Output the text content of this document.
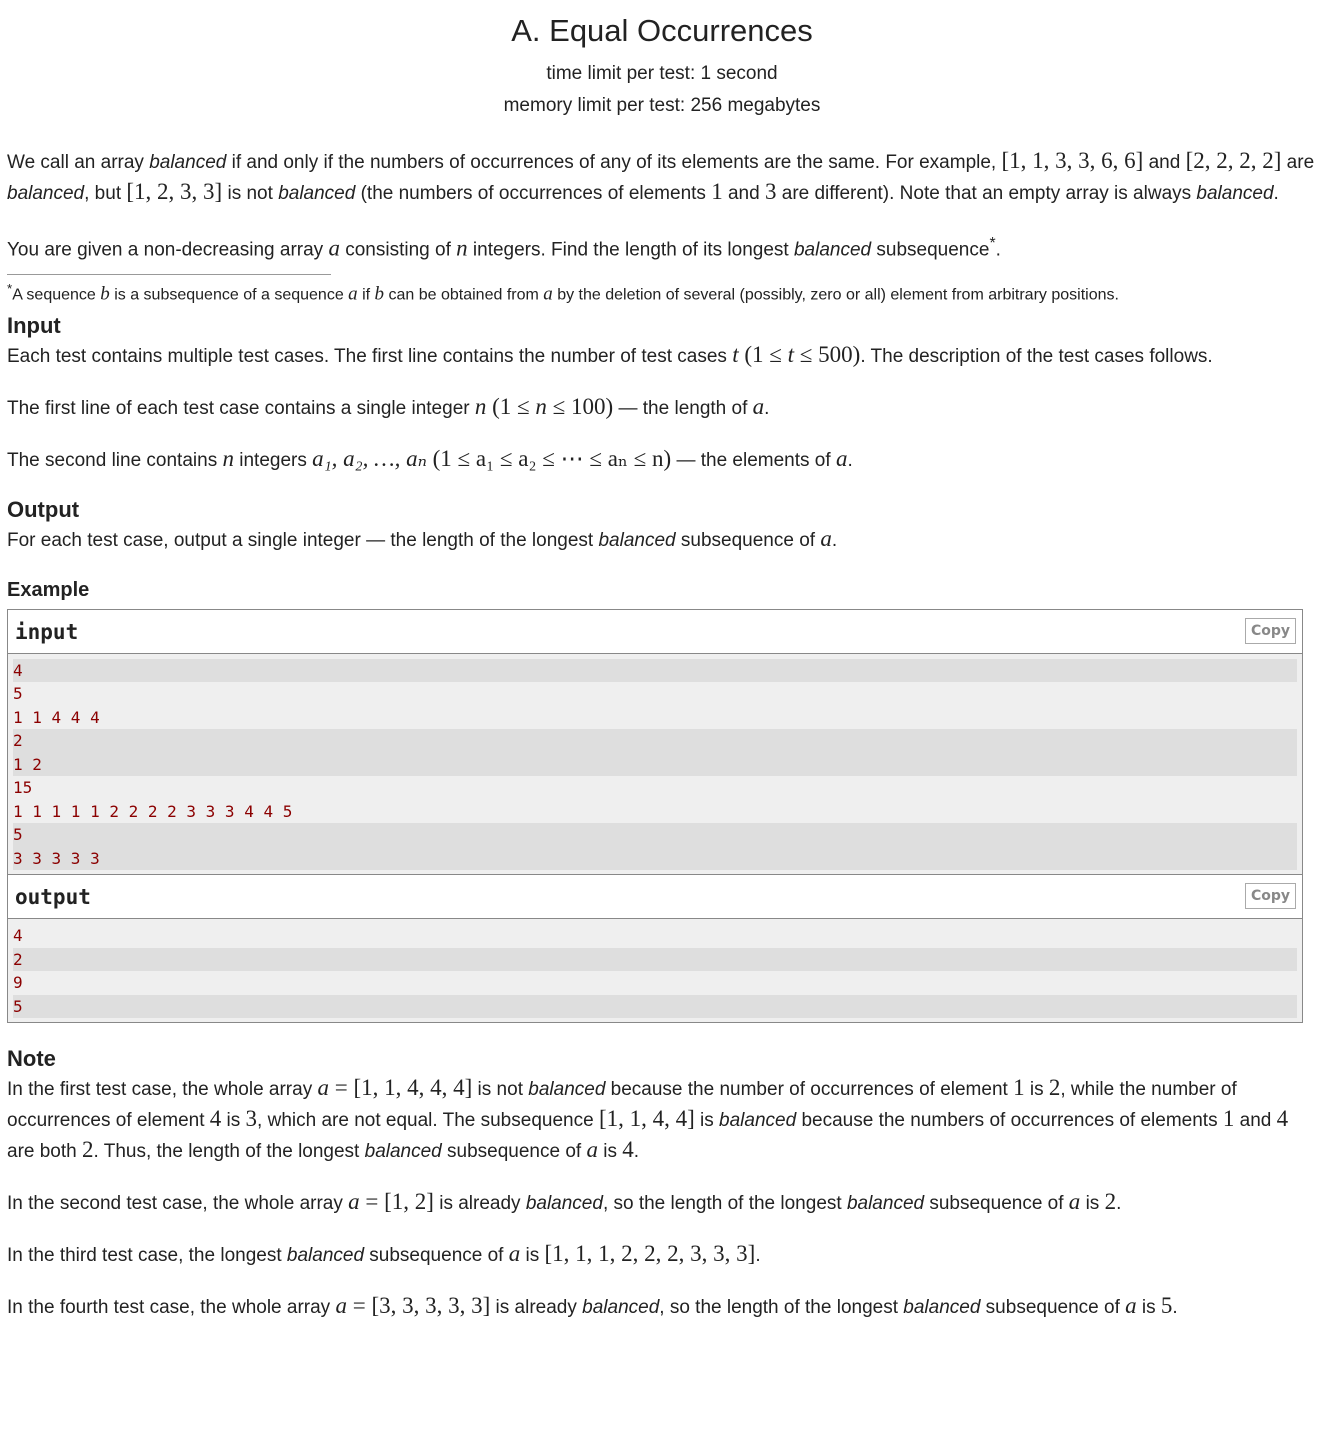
A. Equal Occurrences
time limit per test: 1 second
memory limit per test: 256 megabytes

We call an array balanced if and only if the numbers of occurrences of any of its elements are the same. For example, [1, 1, 3, 3, 6, 6] and [2, 2, 2, 2] are balanced, but [1, 2, 3, 3] is not balanced (the numbers of occurrences of elements 1 and 3 are different). Note that an empty array is always balanced.

You are given a non-decreasing array a consisting of n integers. Find the length of its longest balanced subsequence*.

*A sequence b is a subsequence of a sequence a if b can be obtained from a by the deletion of several (possibly, zero or all) element from arbitrary positions.
Input

Each test contains multiple test cases. The first line contains the number of test cases t (1 ≤ t ≤ 500). The description of the test cases follows.

The first line of each test case contains a single integer n (1 ≤ n ≤ 100) — the length of a.

The second line contains n integers a₁, a₂, …, aₙ (1 ≤ a₁ ≤ a₂ ≤ ⋯ ≤ aₙ ≤ n) — the elements of a.

Output

For each test case, output a single integer — the length of the longest balanced subsequence of a.

Example
input	Copy
4
5
1 1 4 4 4
2
1 2
15
1 1 1 1 1 2 2 2 2 3 3 3 4 4 5
5
3 3 3 3 3
output	Copy
4
2
9
5
Note

In the first test case, the whole array a = [1, 1, 4, 4, 4] is not balanced because the number of occurrences of element 1 is 2, while the number of occurrences of element 4 is 3, which are not equal. The subsequence [1, 1, 4, 4] is balanced because the numbers of occurrences of elements 1 and 4 are both 2. Thus, the length of the longest balanced subsequence of a is 4.

In the second test case, the whole array a = [1, 2] is already balanced, so the length of the longest balanced subsequence of a is 2.

In the third test case, the longest balanced subsequence of a is [1, 1, 1, 2, 2, 2, 3, 3, 3].

In the fourth test case, the whole array a = [3, 3, 3, 3, 3] is already balanced, so the length of the longest balanced subsequence of a is 5.
